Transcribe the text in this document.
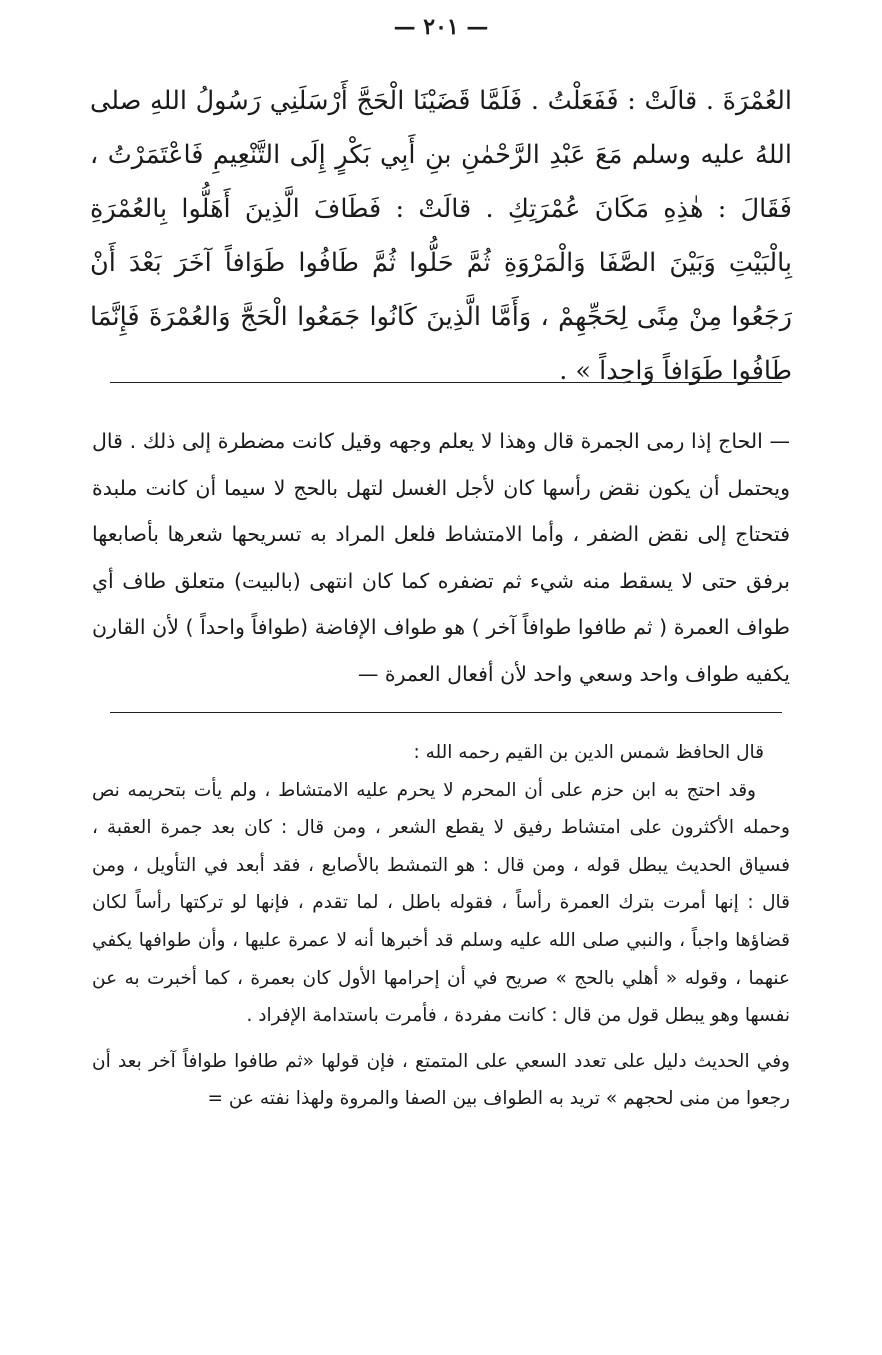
— ٢٠١ —

العُمْرَةَ . قالَتْ : فَفَعَلْتُ . فَلَمَّا قَضَيْنَا الْحَجَّ أَرْسَلَنِي رَسُولُ اللهِ صلى اللهُ عليه وسلم مَعَ عَبْدِ الرَّحْمٰنِ بنِ أَبِي بَكْرٍ إِلَى التَّنْعِيمِ فَاعْتَمَرْتُ ، فَقَالَ : هٰذِهِ مَكَانَ عُمْرَتِكِ . قالَتْ : فَطَافَ الَّذِينَ أَهَلُّوا بِالعُمْرَةِ بِالْبَيْتِ وَبَيْنَ الصَّفَا وَالْمَرْوَةِ ثُمَّ حَلُّوا ثُمَّ طَافُوا طَوَافاً آخَرَ بَعْدَ أَنْ رَجَعُوا مِنْ مِنًى لِحَجِّهِمْ ، وَأَمَّا الَّذِينَ كَانُوا جَمَعُوا الْحَجَّ وَالعُمْرَةَ فَإِنَّمَا طَافُوا طَوَافاً وَاحِداً » .

— الحاج إذا رمى الجمرة قال وهذا لا يعلم وجهه وقيل كانت مضطرة إلى ذلك . قال ويحتمل أن يكون نقض رأسها كان لأجل الغسل لتهل بالحج لا سيما أن كانت ملبدة فتحتاج إلى نقض الضفر ، وأما الامتشاط فلعل المراد به تسريحها شعرها بأصابعها برفق حتى لا يسقط منه شيء ثم تضفره كما كان انتهى (بالبيت) متعلق طاف أي طواف العمرة ( ثم طافوا طوافاً آخر ) هو طواف الإفاضة (طوافاً واحداً ) لأن القارن يكفيه طواف واحد وسعي واحد لأن أفعال العمرة —

قال الحافظ شمس الدين بن القيم رحمه الله :

وقد احتج به ابن حزم على أن المحرم لا يحرم عليه الامتشاط ، ولم يأت بتحريمه نص وحمله الأكثرون على امتشاط رفيق لا يقطع الشعر ، ومن قال : كان بعد جمرة العقبة ، فسياق الحديث يبطل قوله ، ومن قال : هو التمشط بالأصابع ، فقد أبعد في التأويل ، ومن قال : إنها أمرت بترك العمرة رأساً ، فقوله باطل ، لما تقدم ، فإنها لو تركتها رأساً لكان قضاؤها واجباً ، والنبي صلى الله عليه وسلم قد أخبرها أنه لا عمرة عليها ، وأن طوافها يكفي عنهما ، وقوله « أهلي بالحج » صريح في أن إحرامها الأول كان بعمرة ، كما أخبرت به عن نفسها وهو يبطل قول من قال : كانت مفردة ، فأمرت باستدامة الإفراد .

وفي الحديث دليل على تعدد السعي على المتمتع ، فإن قولها «ثم طافوا طوافاً آخر بعد أن رجعوا من منى لحجهم » تريد به الطواف بين الصفا والمروة ولهذا نفته عن =
